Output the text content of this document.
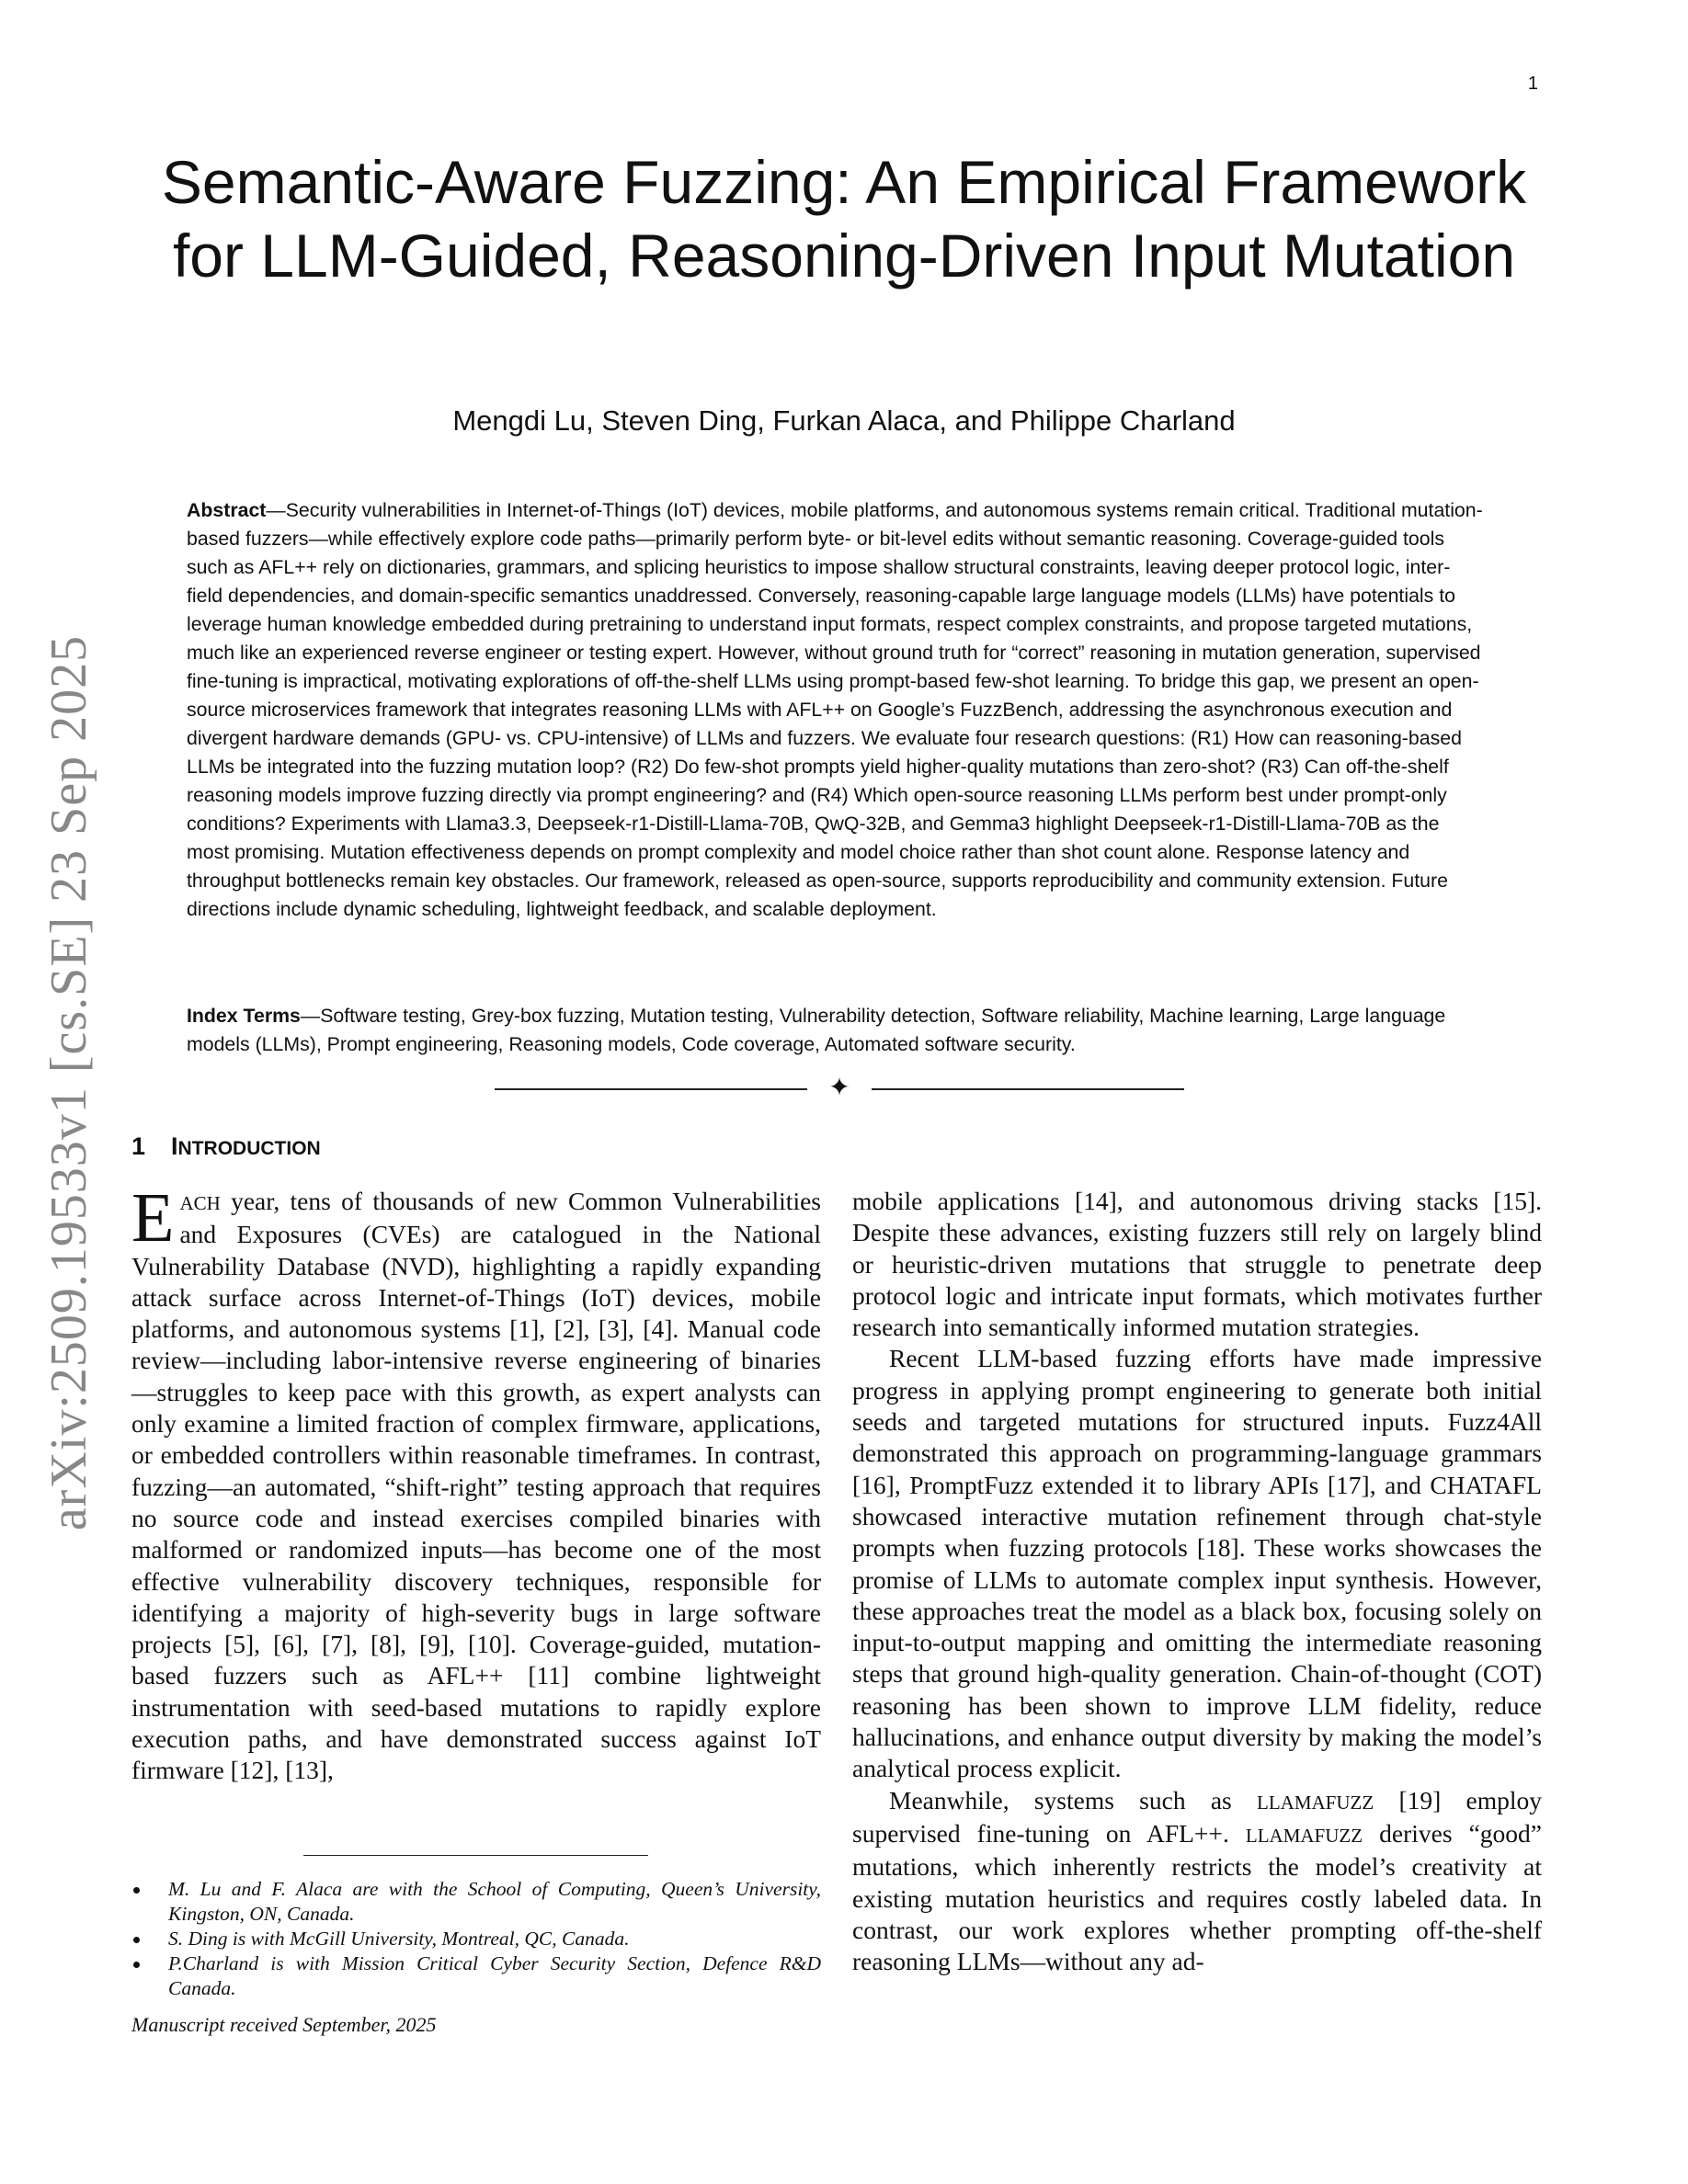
1
arXiv:2509.19533v1 [cs.SE] 23 Sep 2025
Semantic-Aware Fuzzing: An Empirical Framework for LLM-Guided, Reasoning-Driven Input Mutation
Mengdi Lu, Steven Ding, Furkan Alaca, and Philippe Charland

Abstract—Security vulnerabilities in Internet-of-Things (IoT) devices, mobile platforms, and autonomous systems remain critical. Traditional mutation-based fuzzers—while effectively explore code paths—primarily perform byte- or bit-level edits without semantic reasoning. Coverage-guided tools such as AFL++ rely on dictionaries, grammars, and splicing heuristics to impose shallow structural constraints, leaving deeper protocol logic, inter-field dependencies, and domain-specific semantics unaddressed. Conversely, reasoning-capable large language models (LLMs) have potentials to leverage human knowledge embedded during pretraining to understand input formats, respect complex constraints, and propose targeted mutations, much like an experienced reverse engineer or testing expert. However, without ground truth for “correct” reasoning in mutation generation, supervised fine-tuning is impractical, motivating explorations of off-the-shelf LLMs using prompt-based few-shot learning. To bridge this gap, we present an open-source microservices framework that integrates reasoning LLMs with AFL++ on Google’s FuzzBench, addressing the asynchronous execution and divergent hardware demands (GPU- vs. CPU-intensive) of LLMs and fuzzers. We evaluate four research questions: (R1) How can reasoning-based LLMs be integrated into the fuzzing mutation loop? (R2) Do few-shot prompts yield higher-quality mutations than zero-shot? (R3) Can off-the-shelf reasoning models improve fuzzing directly via prompt engineering? and (R4) Which open-source reasoning LLMs perform best under prompt-only conditions? Experiments with Llama3.3, Deepseek-r1-Distill-Llama-70B, QwQ-32B, and Gemma3 highlight Deepseek-r1-Distill-Llama-70B as the most promising. Mutation effectiveness depends on prompt complexity and model choice rather than shot count alone. Response latency and throughput bottlenecks remain key obstacles. Our framework, released as open-source, supports reproducibility and community extension. Future directions include dynamic scheduling, lightweight feedback, and scalable deployment.

Index Terms—Software testing, Grey-box fuzzing, Mutation testing, Vulnerability detection, Software reliability, Machine learning, Large language models (LLMs), Prompt engineering, Reasoning models, Code coverage, Automated software security.

✦
1 INTRODUCTION

EACH year, tens of thousands of new Common Vulnerabilities and Exposures (CVEs) are catalogued in the National Vulnerability Database (NVD), highlighting a rapidly expanding attack surface across Internet-of-Things (IoT) devices, mobile platforms, and autonomous systems [1], [2], [3], [4]. Manual code review—including labor-intensive reverse engineering of binaries—struggles to keep pace with this growth, as expert analysts can only examine a limited fraction of complex firmware, applications, or embedded controllers within reasonable timeframes. In contrast, fuzzing—an automated, “shift-right” testing approach that requires no source code and instead exercises compiled binaries with malformed or randomized inputs—has become one of the most effective vulnerability discovery techniques, responsible for identifying a majority of high-severity bugs in large software projects [5], [6], [7], [8], [9], [10]. Coverage-guided, mutation-based fuzzers such as AFL++ [11] combine lightweight instrumentation with seed-based mutations to rapidly explore execution paths, and have demonstrated success against IoT firmware [12], [13],

mobile applications [14], and autonomous driving stacks [15]. Despite these advances, existing fuzzers still rely on largely blind or heuristic-driven mutations that struggle to penetrate deep protocol logic and intricate input formats, which motivates further research into semantically informed mutation strategies.

Recent LLM-based fuzzing efforts have made impressive progress in applying prompt engineering to generate both initial seeds and targeted mutations for structured inputs. Fuzz4All demonstrated this approach on programming-language grammars [16], PromptFuzz extended it to library APIs [17], and CHATAFL showcased interactive mutation refinement through chat-style prompts when fuzzing protocols [18]. These works showcases the promise of LLMs to automate complex input synthesis. However, these approaches treat the model as a black box, focusing solely on input-to-output mapping and omitting the intermediate reasoning steps that ground high-quality generation. Chain-of-thought (COT) reasoning has been shown to improve LLM fidelity, reduce hallucinations, and enhance output diversity by making the model’s analytical process explicit.

Meanwhile, systems such as LLAMAFUZZ [19] employ supervised fine-tuning on AFL++. LLAMAFUZZ derives “good” mutations, which inherently restricts the model’s creativity at existing mutation heuristics and requires costly labeled data. In contrast, our work explores whether prompting off-the-shelf reasoning LLMs—without any ad-

M. Lu and F. Alaca are with the School of Computing, Queen’s University, Kingston, ON, Canada.
S. Ding is with McGill University, Montreal, QC, Canada.
P.Charland is with Mission Critical Cyber Security Section, Defence R&D Canada.
Manuscript received September, 2025
